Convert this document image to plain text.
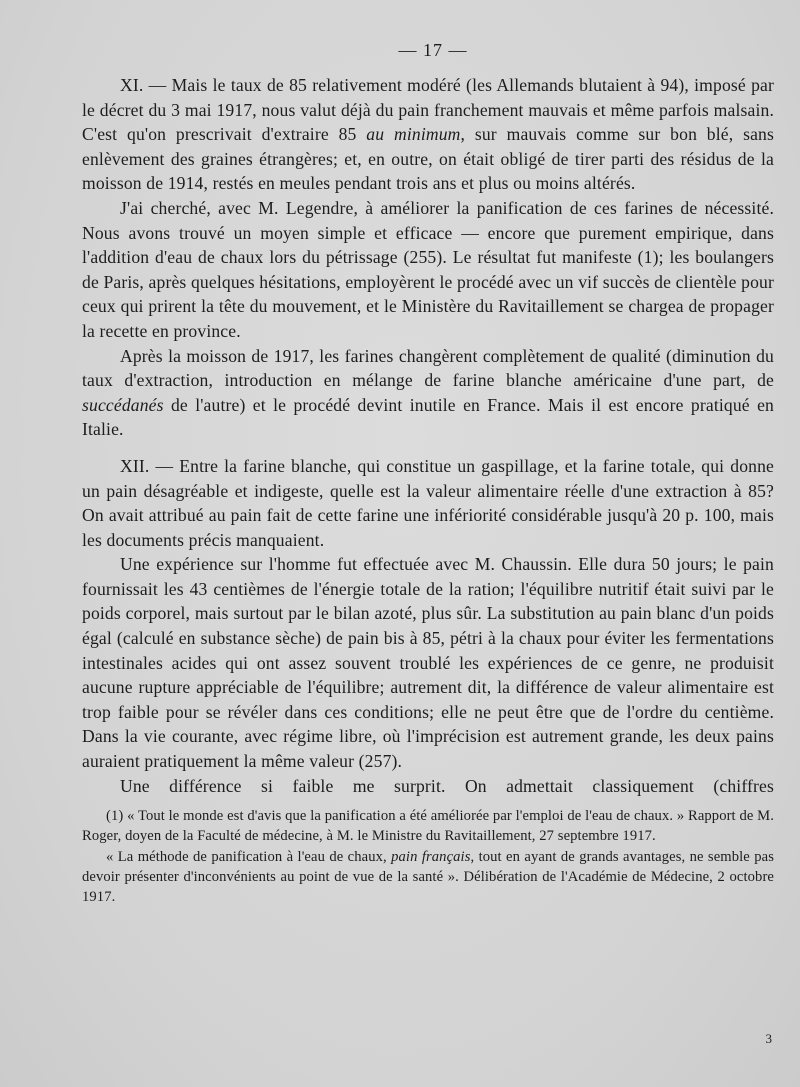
— 17 —

XI. — Mais le taux de 85 relativement modéré (les Allemands blutaient à 94), imposé par le décret du 3 mai 1917, nous valut déjà du pain franchement mauvais et même parfois malsain. C'est qu'on prescrivait d'extraire 85 au minimum, sur mauvais comme sur bon blé, sans enlèvement des graines étrangères; et, en outre, on était obligé de tirer parti des résidus de la moisson de 1914, restés en meules pendant trois ans et plus ou moins altérés.

J'ai cherché, avec M. Legendre, à améliorer la panification de ces farines de nécessité. Nous avons trouvé un moyen simple et efficace — encore que purement empirique, dans l'addition d'eau de chaux lors du pétrissage (255). Le résultat fut manifeste (1); les boulangers de Paris, après quelques hésitations, employèrent le procédé avec un vif succès de clientèle pour ceux qui prirent la tête du mouvement, et le Ministère du Ravitaillement se chargea de propager la recette en province.

Après la moisson de 1917, les farines changèrent complètement de qualité (diminution du taux d'extraction, introduction en mélange de farine blanche américaine d'une part, de succédanés de l'autre) et le procédé devint inutile en France. Mais il est encore pratiqué en Italie.

XII. — Entre la farine blanche, qui constitue un gaspillage, et la farine totale, qui donne un pain désagréable et indigeste, quelle est la valeur alimentaire réelle d'une extraction à 85? On avait attribué au pain fait de cette farine une infériorité considérable jusqu'à 20 p. 100, mais les documents précis manquaient.

Une expérience sur l'homme fut effectuée avec M. Chaussin. Elle dura 50 jours; le pain fournissait les 43 centièmes de l'énergie totale de la ration; l'équilibre nutritif était suivi par le poids corporel, mais surtout par le bilan azoté, plus sûr. La substitution au pain blanc d'un poids égal (calculé en substance sèche) de pain bis à 85, pétri à la chaux pour éviter les fermentations intestinales acides qui ont assez souvent troublé les expériences de ce genre, ne produisit aucune rupture appréciable de l'équilibre; autrement dit, la différence de valeur alimentaire est trop faible pour se révéler dans ces conditions; elle ne peut être que de l'ordre du centième. Dans la vie courante, avec régime libre, où l'imprécision est autrement grande, les deux pains auraient pratiquement la même valeur (257).

Une différence si faible me surprit. On admettait classiquement (chiffres

(1) « Tout le monde est d'avis que la panification a été améliorée par l'emploi de l'eau de chaux. » Rapport de M. Roger, doyen de la Faculté de médecine, à M. le Ministre du Ravitaillement, 27 septembre 1917.

« La méthode de panification à l'eau de chaux, pain français, tout en ayant de grands avantages, ne semble pas devoir présenter d'inconvénients au point de vue de la santé ». Délibération de l'Académie de Médecine, 2 octobre 1917.

3
